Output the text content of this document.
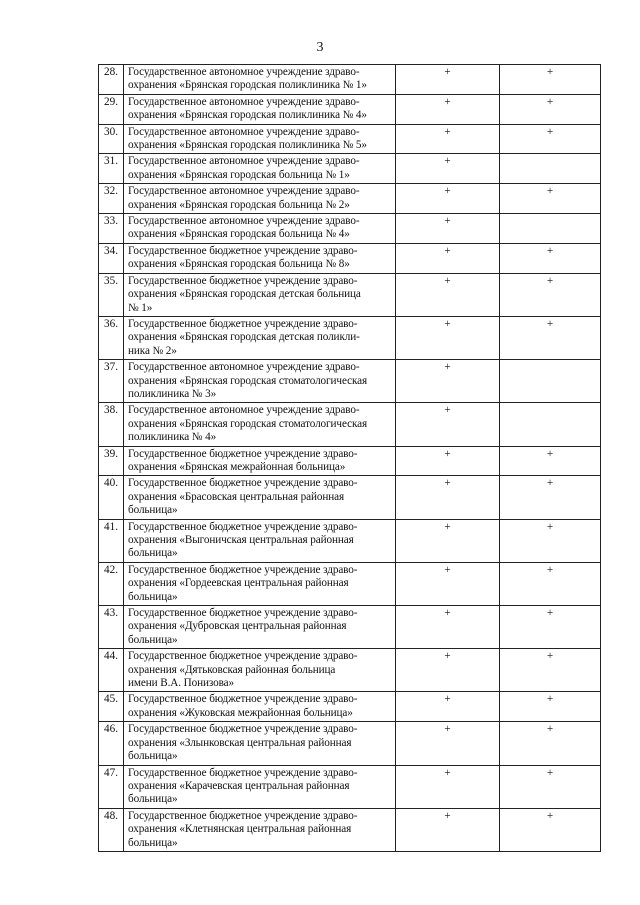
3
28.	Государственное автономное учреждение здраво-
охранения «Брянская городская поликлиника № 1»	+	+
29.	Государственное автономное учреждение здраво-
охранения «Брянская городская поликлиника № 4»	+	+
30.	Государственное автономное учреждение здраво-
охранения «Брянская городская поликлиника № 5»	+	+
31.	Государственное автономное учреждение здраво-
охранения «Брянская городская больница № 1»	+	
32.	Государственное автономное учреждение здраво-
охранения «Брянская городская больница № 2»	+	+
33.	Государственное автономное учреждение здраво-
охранения «Брянская городская больница № 4»	+	
34.	Государственное бюджетное учреждение здраво-
охранения «Брянская городская больница № 8»	+	+
35.	Государственное бюджетное учреждение здраво-
охранения «Брянская городская детская больница
№ 1»	+	+
36.	Государственное бюджетное учреждение здраво-
охранения «Брянская городская детская поликли-
ника № 2»	+	+
37.	Государственное автономное учреждение здраво-
охранения «Брянская городская стоматологическая
поликлиника № 3»	+	
38.	Государственное автономное учреждение здраво-
охранения «Брянская городская стоматологическая
поликлиника № 4»	+	
39.	Государственное бюджетное учреждение здраво-
охранения «Брянская межрайонная больница»	+	+
40.	Государственное бюджетное учреждение здраво-
охранения «Брасовская центральная районная
больница»	+	+
41.	Государственное бюджетное учреждение здраво-
охранения «Выгоничская центральная районная
больница»	+	+
42.	Государственное бюджетное учреждение здраво-
охранения «Гордеевская центральная районная
больница»	+	+
43.	Государственное бюджетное учреждение здраво-
охранения «Дубровская центральная районная
больница»	+	+
44.	Государственное бюджетное учреждение здраво-
охранения «Дятьковская районная больница
имени В.А. Понизова»	+	+
45.	Государственное бюджетное учреждение здраво-
охранения «Жуковская межрайонная больница»	+	+
46.	Государственное бюджетное учреждение здраво-
охранения «Злынковская центральная районная
больница»	+	+
47.	Государственное бюджетное учреждение здраво-
охранения «Карачевская центральная районная
больница»	+	+
48.	Государственное бюджетное учреждение здраво-
охранения «Клетнянская центральная районная
больница»	+	+
